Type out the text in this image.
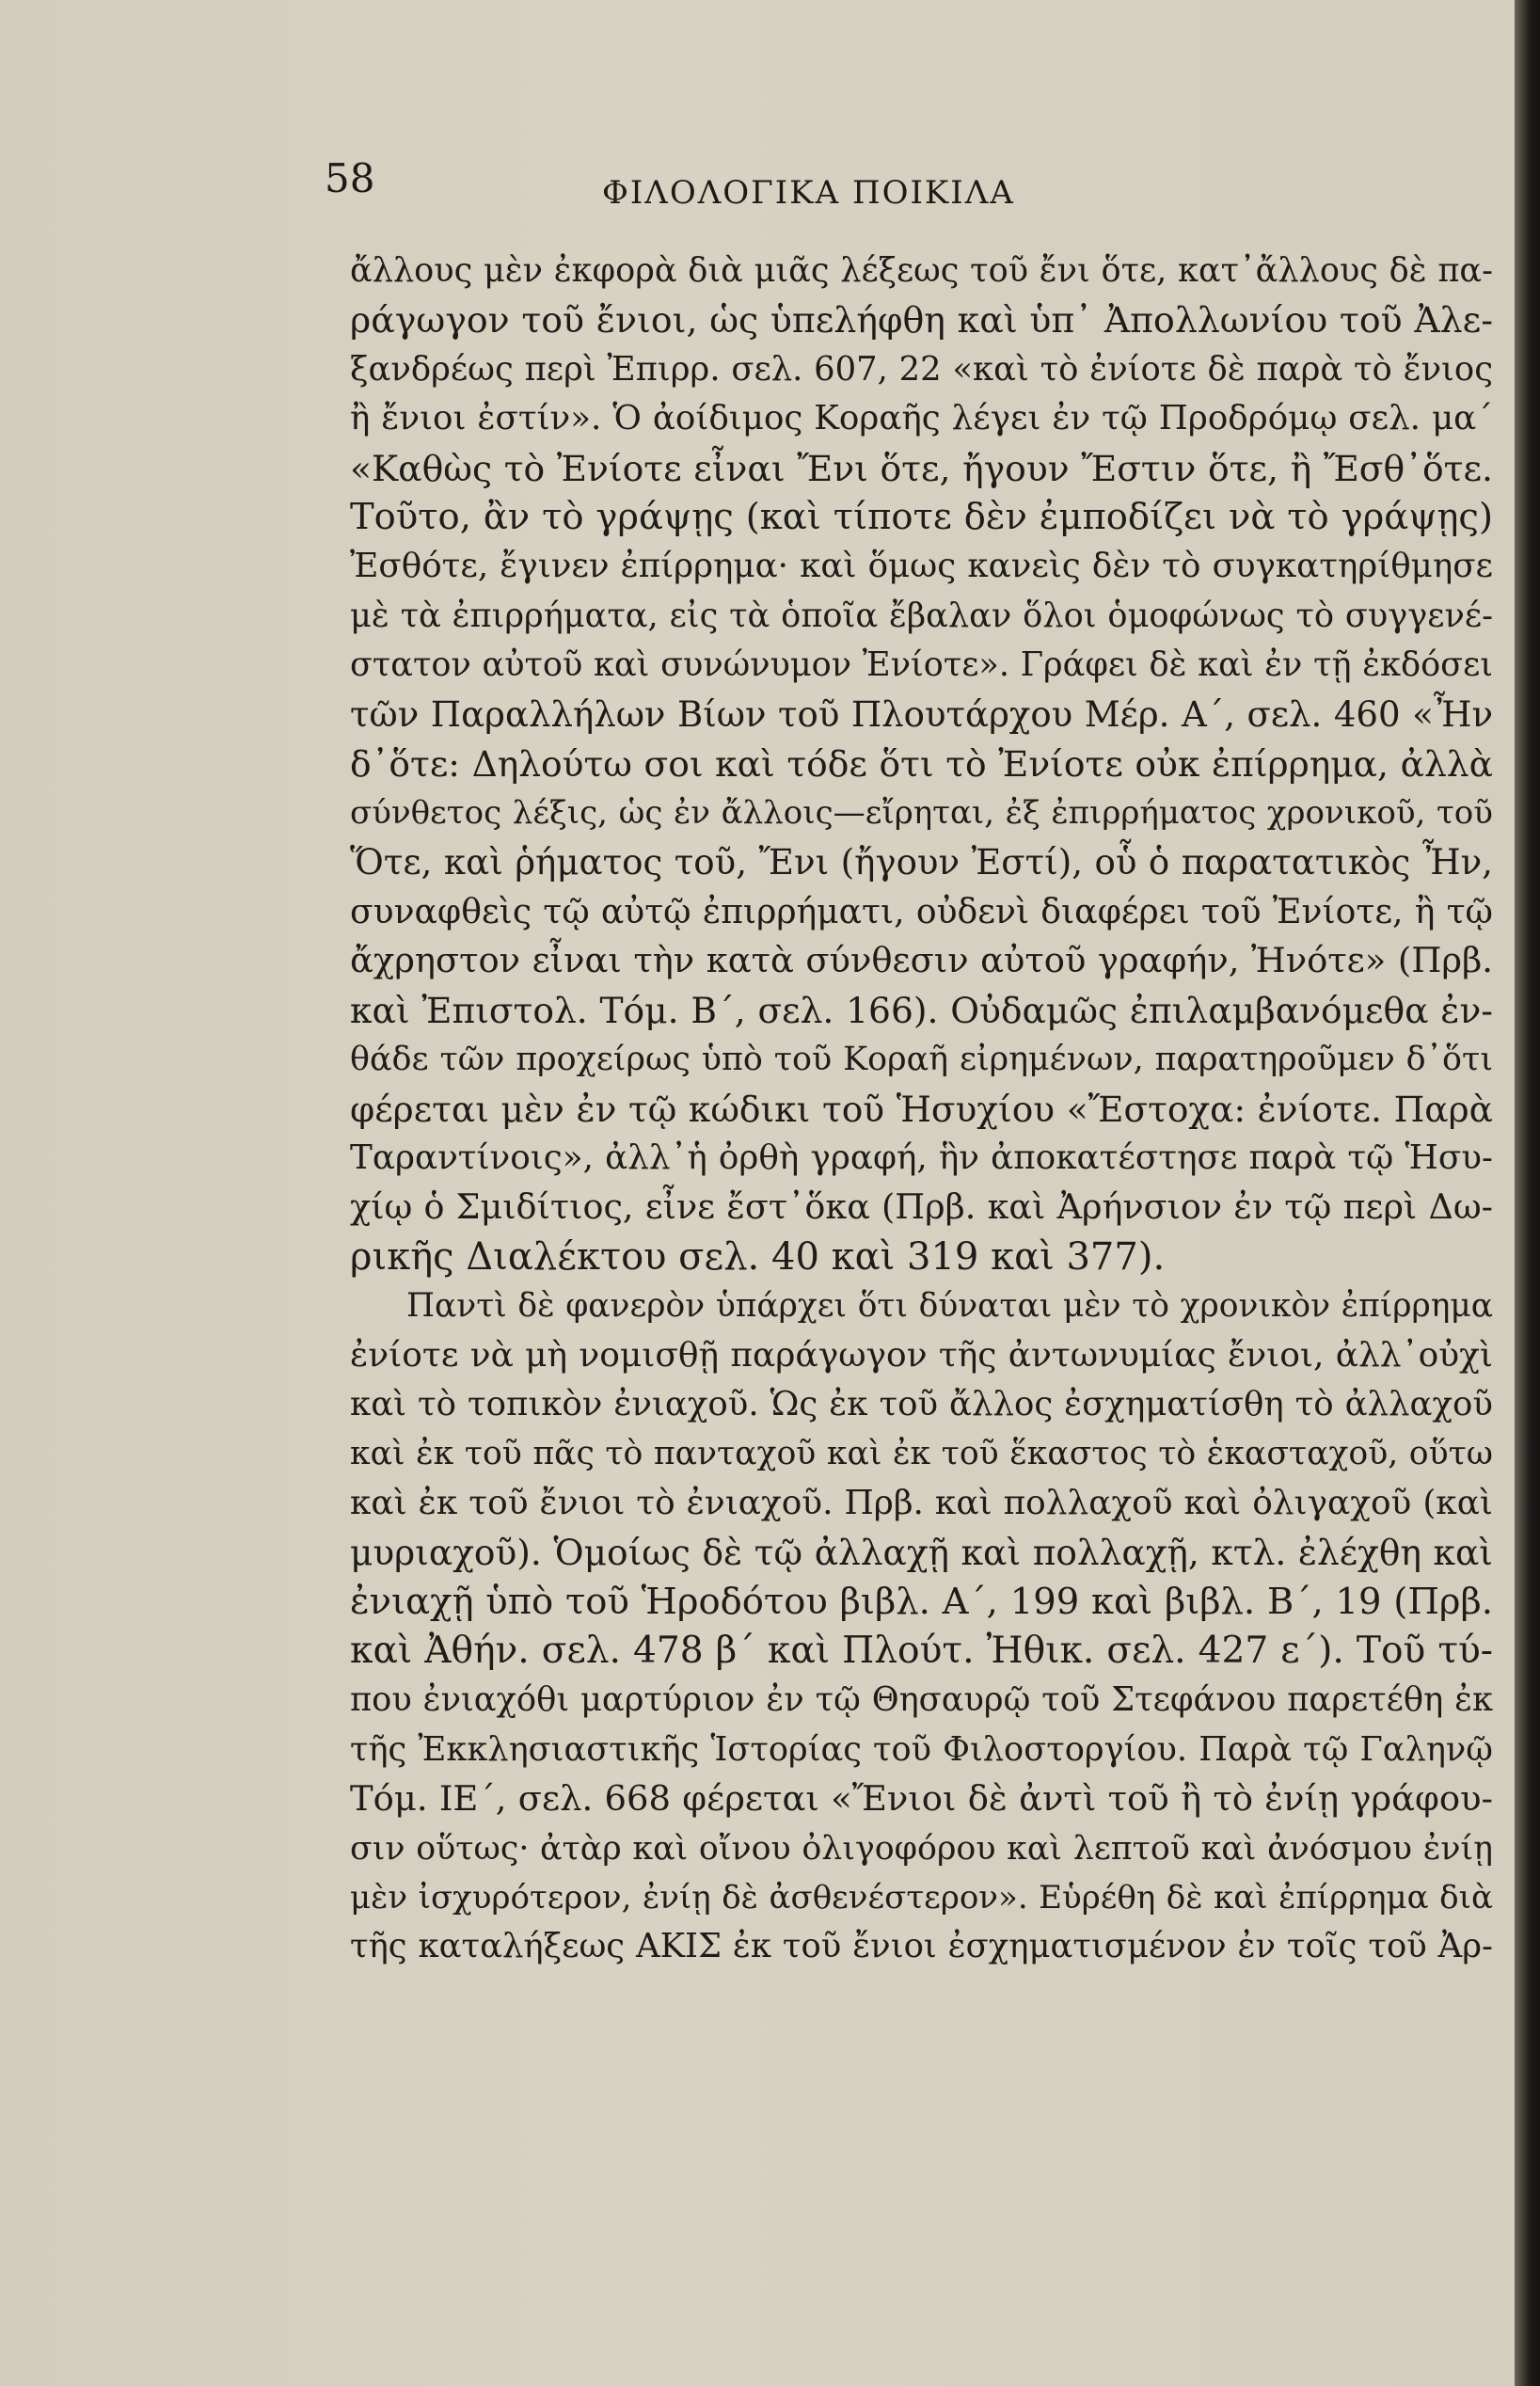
58	ΦΙΛΟΛΟΓΙΚΑ ΠΟΙΚΙΛΑ
ἄλλους μὲν ἐκφορὰ διὰ μιᾶς λέξεως τοῦ ἔνι ὅτε, κατ᾽ἄλλους δὲ πα-
ράγωγον τοῦ ἔνιοι, ὡς ὑπελήφθη καὶ ὑπ᾽ Ἀπολλωνίου τοῦ Ἀλε-
ξανδρέως περὶ Ἐπιρρ. σελ. 607, 22 «καὶ τὸ ἐνίοτε δὲ παρὰ τὸ ἔνιος
ἢ ἔνιοι ἐστίν». Ὁ ἀοίδιμος Κοραῆς λέγει ἐν τῷ Προδρόμῳ σελ. μα΄
«Καθὼς τὸ Ἐνίοτε εἶναι Ἔνι ὅτε, ἤγουν Ἔστιν ὅτε, ἢ Ἔσθ᾽ὅτε.
Τοῦτο, ἂν τὸ γράψῃς (καὶ τίποτε δὲν ἐμποδίζει νὰ τὸ γράψῃς)
Ἐσθότε, ἔγινεν ἐπίρρημα· καὶ ὅμως κανεὶς δὲν τὸ συγκατηρίθμησε
μὲ τὰ ἐπιρρήματα, εἰς τὰ ὁποῖα ἔβαλαν ὅλοι ὁμοφώνως τὸ συγγενέ-
στατον αὐτοῦ καὶ συνώνυμον Ἐνίοτε». Γράφει δὲ καὶ ἐν τῇ ἐκδόσει
τῶν Παραλλήλων Βίων τοῦ Πλουτάρχου Μέρ. Α΄, σελ. 460 «Ἦν
δ᾽ὅτε: Δηλούτω σοι καὶ τόδε ὅτι τὸ Ἐνίοτε οὐκ ἐπίρρημα, ἀλλὰ
σύνθετος λέξις, ὡς ἐν ἄλλοις—εἴρηται, ἐξ ἐπιρρήματος χρονικοῦ, τοῦ
Ὅτε, καὶ ῥήματος τοῦ, Ἔνι (ἤγουν Ἐστί), οὗ ὁ παρατατικὸς Ἦν,
συναφθεὶς τῷ αὐτῷ ἐπιρρήματι, οὐδενὶ διαφέρει τοῦ Ἐνίοτε, ἢ τῷ
ἄχρηστον εἶναι τὴν κατὰ σύνθεσιν αὐτοῦ γραφήν, Ἠνότε» (Πρβ.
καὶ Ἐπιστολ. Τόμ. Β΄, σελ. 166). Οὐδαμῶς ἐπιλαμβανόμεθα ἐν-
θάδε τῶν προχείρως ὑπὸ τοῦ Κοραῆ εἰρημένων, παρατηροῦμεν δ᾽ὅτι
φέρεται μὲν ἐν τῷ κώδικι τοῦ Ἡσυχίου «Ἔστοχα: ἐνίοτε. Παρὰ
Ταραντίνοις», ἀλλ᾽ἡ ὀρθὴ γραφή, ἣν ἀποκατέστησε παρὰ τῷ Ἡσυ-
χίῳ ὁ Σμιδίτιος, εἶνε ἔστ᾽ὅκα (Πρβ. καὶ Ἀρήνσιον ἐν τῷ περὶ Δω-
ρικῆς Διαλέκτου σελ. 40 καὶ 319 καὶ 377).
Παντὶ δὲ φανερὸν ὑπάρχει ὅτι δύναται μὲν τὸ χρονικὸν ἐπίρρημα
ἐνίοτε νὰ μὴ νομισθῇ παράγωγον τῆς ἀντωνυμίας ἔνιοι, ἀλλ᾽οὐχὶ
καὶ τὸ τοπικὸν ἐνιαχοῦ. Ὡς ἐκ τοῦ ἄλλος ἐσχηματίσθη τὸ ἀλλαχοῦ
καὶ ἐκ τοῦ πᾶς τὸ πανταχοῦ καὶ ἐκ τοῦ ἕκαστος τὸ ἑκασταχοῦ, οὕτω
καὶ ἐκ τοῦ ἔνιοι τὸ ἐνιαχοῦ. Πρβ. καὶ πολλαχοῦ καὶ ὀλιγαχοῦ (καὶ
μυριαχοῦ). Ὁμοίως δὲ τῷ ἀλλαχῇ καὶ πολλαχῇ, κτλ. ἐλέχθη καὶ
ἐνιαχῇ ὑπὸ τοῦ Ἡροδότου βιβλ. Α΄, 199 καὶ βιβλ. Β΄, 19 (Πρβ.
καὶ Ἀθήν. σελ. 478 β΄ καὶ Πλούτ. Ἠθικ. σελ. 427 ε΄). Τοῦ τύ-
που ἐνιαχόθι μαρτύριον ἐν τῷ Θησαυρῷ τοῦ Στεφάνου παρετέθη ἐκ
τῆς Ἐκκλησιαστικῆς Ἱστορίας τοῦ Φιλοστοργίου. Παρὰ τῷ Γαληνῷ
Τόμ. ΙΕ΄, σελ. 668 φέρεται «Ἔνιοι δὲ ἀντὶ τοῦ ἢ τὸ ἐνίῃ γράφου-
σιν οὕτως· ἀτὰρ καὶ οἴνου ὀλιγοφόρου καὶ λεπτοῦ καὶ ἀνόσμου ἐνίῃ
μὲν ἰσχυρότερον, ἐνίῃ δὲ ἀσθενέστερον». Εὑρέθη δὲ καὶ ἐπίρρημα διὰ
τῆς καταλήξεως ΑΚΙΣ ἐκ τοῦ ἔνιοι ἐσχηματισμένον ἐν τοῖς τοῦ Ἀρ-
